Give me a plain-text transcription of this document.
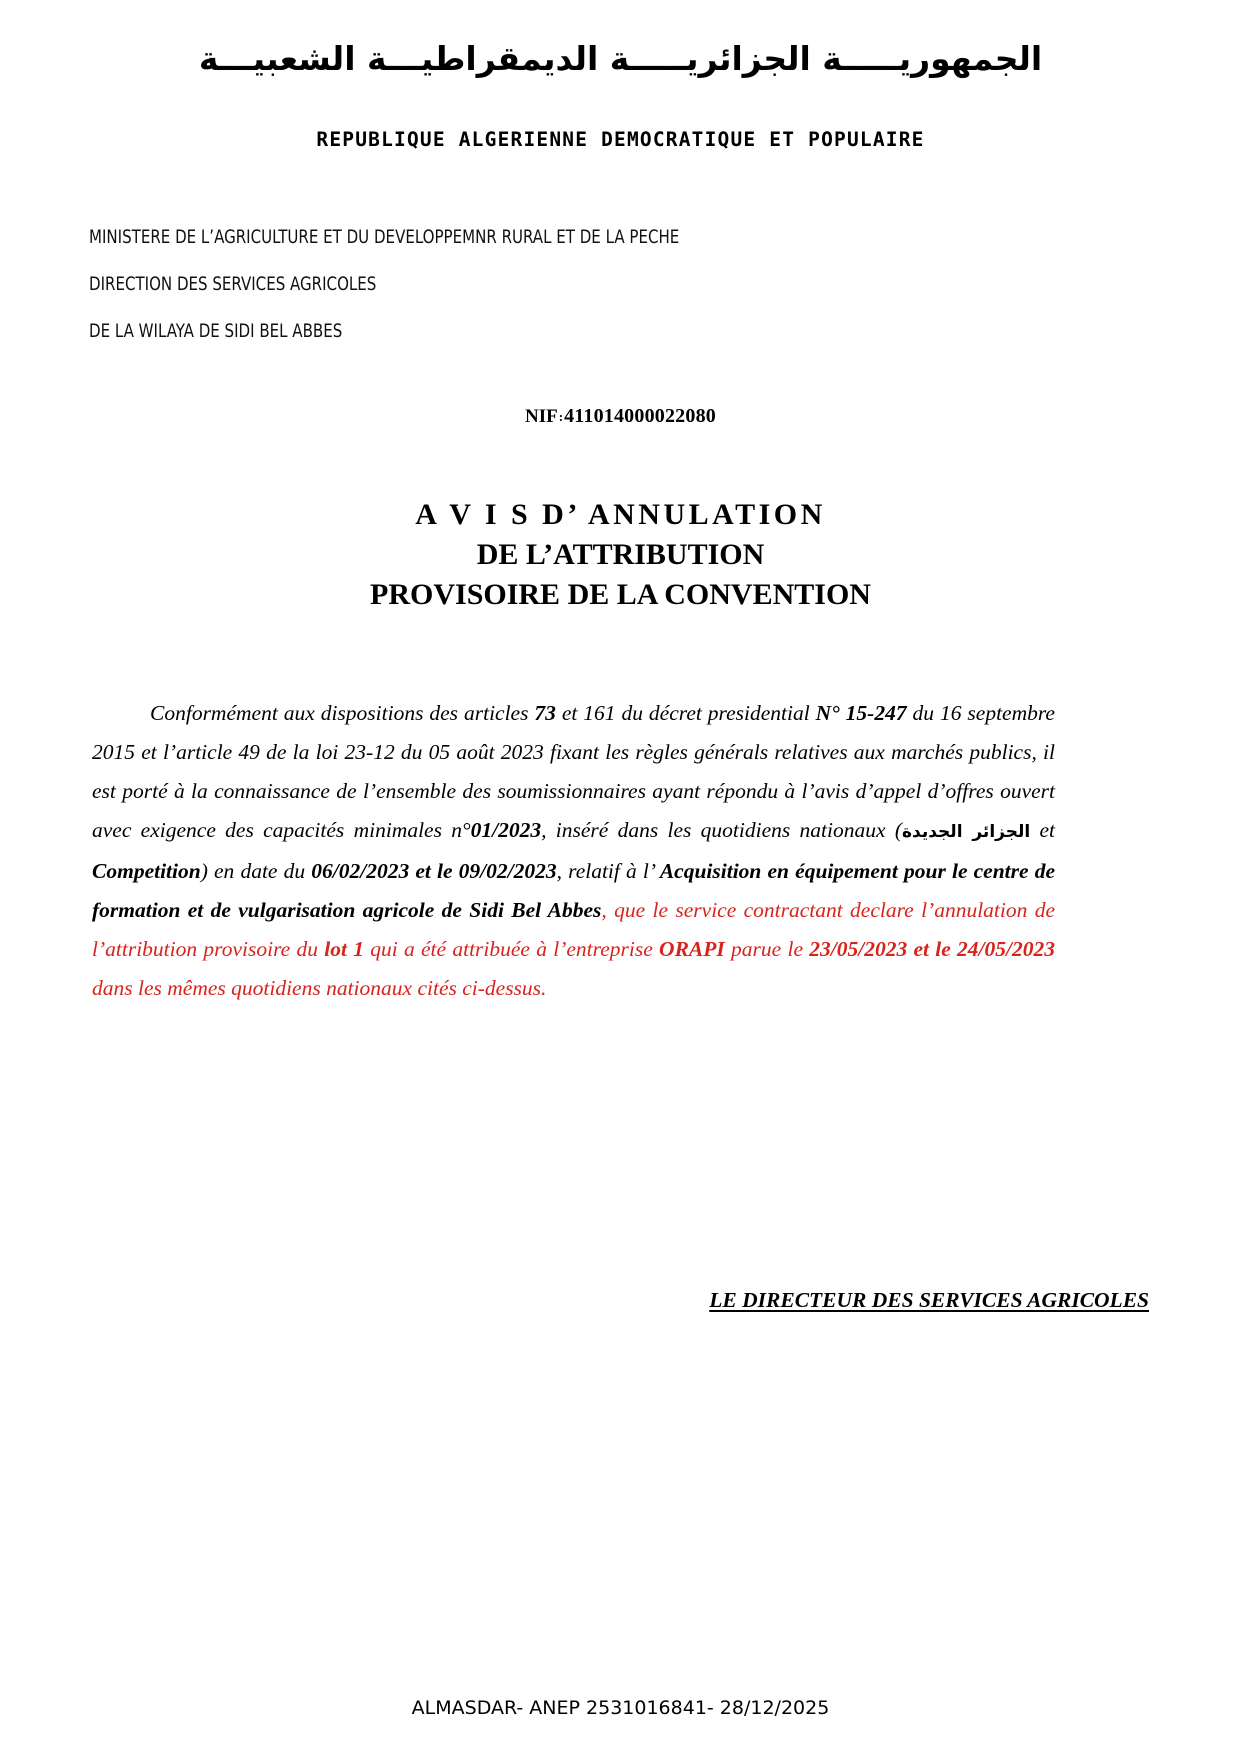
الجمهوريـــــة الجزائريـــــة الديمقراطيـــة الشعبيـــة
REPUBLIQUE ALGERIENNE DEMOCRATIQUE ET POPULAIRE
MINISTERE DE L’AGRICULTURE ET DU DEVELOPPEMNR RURAL ET DE LA PECHE
DIRECTION DES SERVICES AGRICOLES
DE LA WILAYA DE SIDI BEL ABBES
NIF:411014000022080
A V I S D’ ANNULATION
DE L’ATTRIBUTION
PROVISOIRE DE LA CONVENTION

Conformément aux dispositions des articles 73 et 161 du décret presidential N° 15-247 du 16 septembre 2015 et l’article 49 de la loi 23-12 du 05 août 2023 fixant les règles générals relatives aux marchés publics, il est porté à la connaissance de l’ensemble des soumissionnaires ayant répondu à l’avis d’appel d’offres ouvert avec exigence des capacités minimales n°01/2023, inséré dans les quotidiens nationaux (الجزائر الجديدة et Competition) en date du 06/02/2023 et le 09/02/2023, relatif à l’ Acquisition en équipement pour le centre de formation et de vulgarisation agricole de Sidi Bel Abbes, que le service contractant declare l’annulation de l’attribution provisoire du lot 1 qui a été attribuée à l’entreprise ORAPI parue le 23/05/2023 et le 24/05/2023 dans les mêmes quotidiens nationaux cités ci-dessus.

LE DIRECTEUR DES SERVICES AGRICOLES
ALMASDAR- ANEP 2531016841- 28/12/2025
